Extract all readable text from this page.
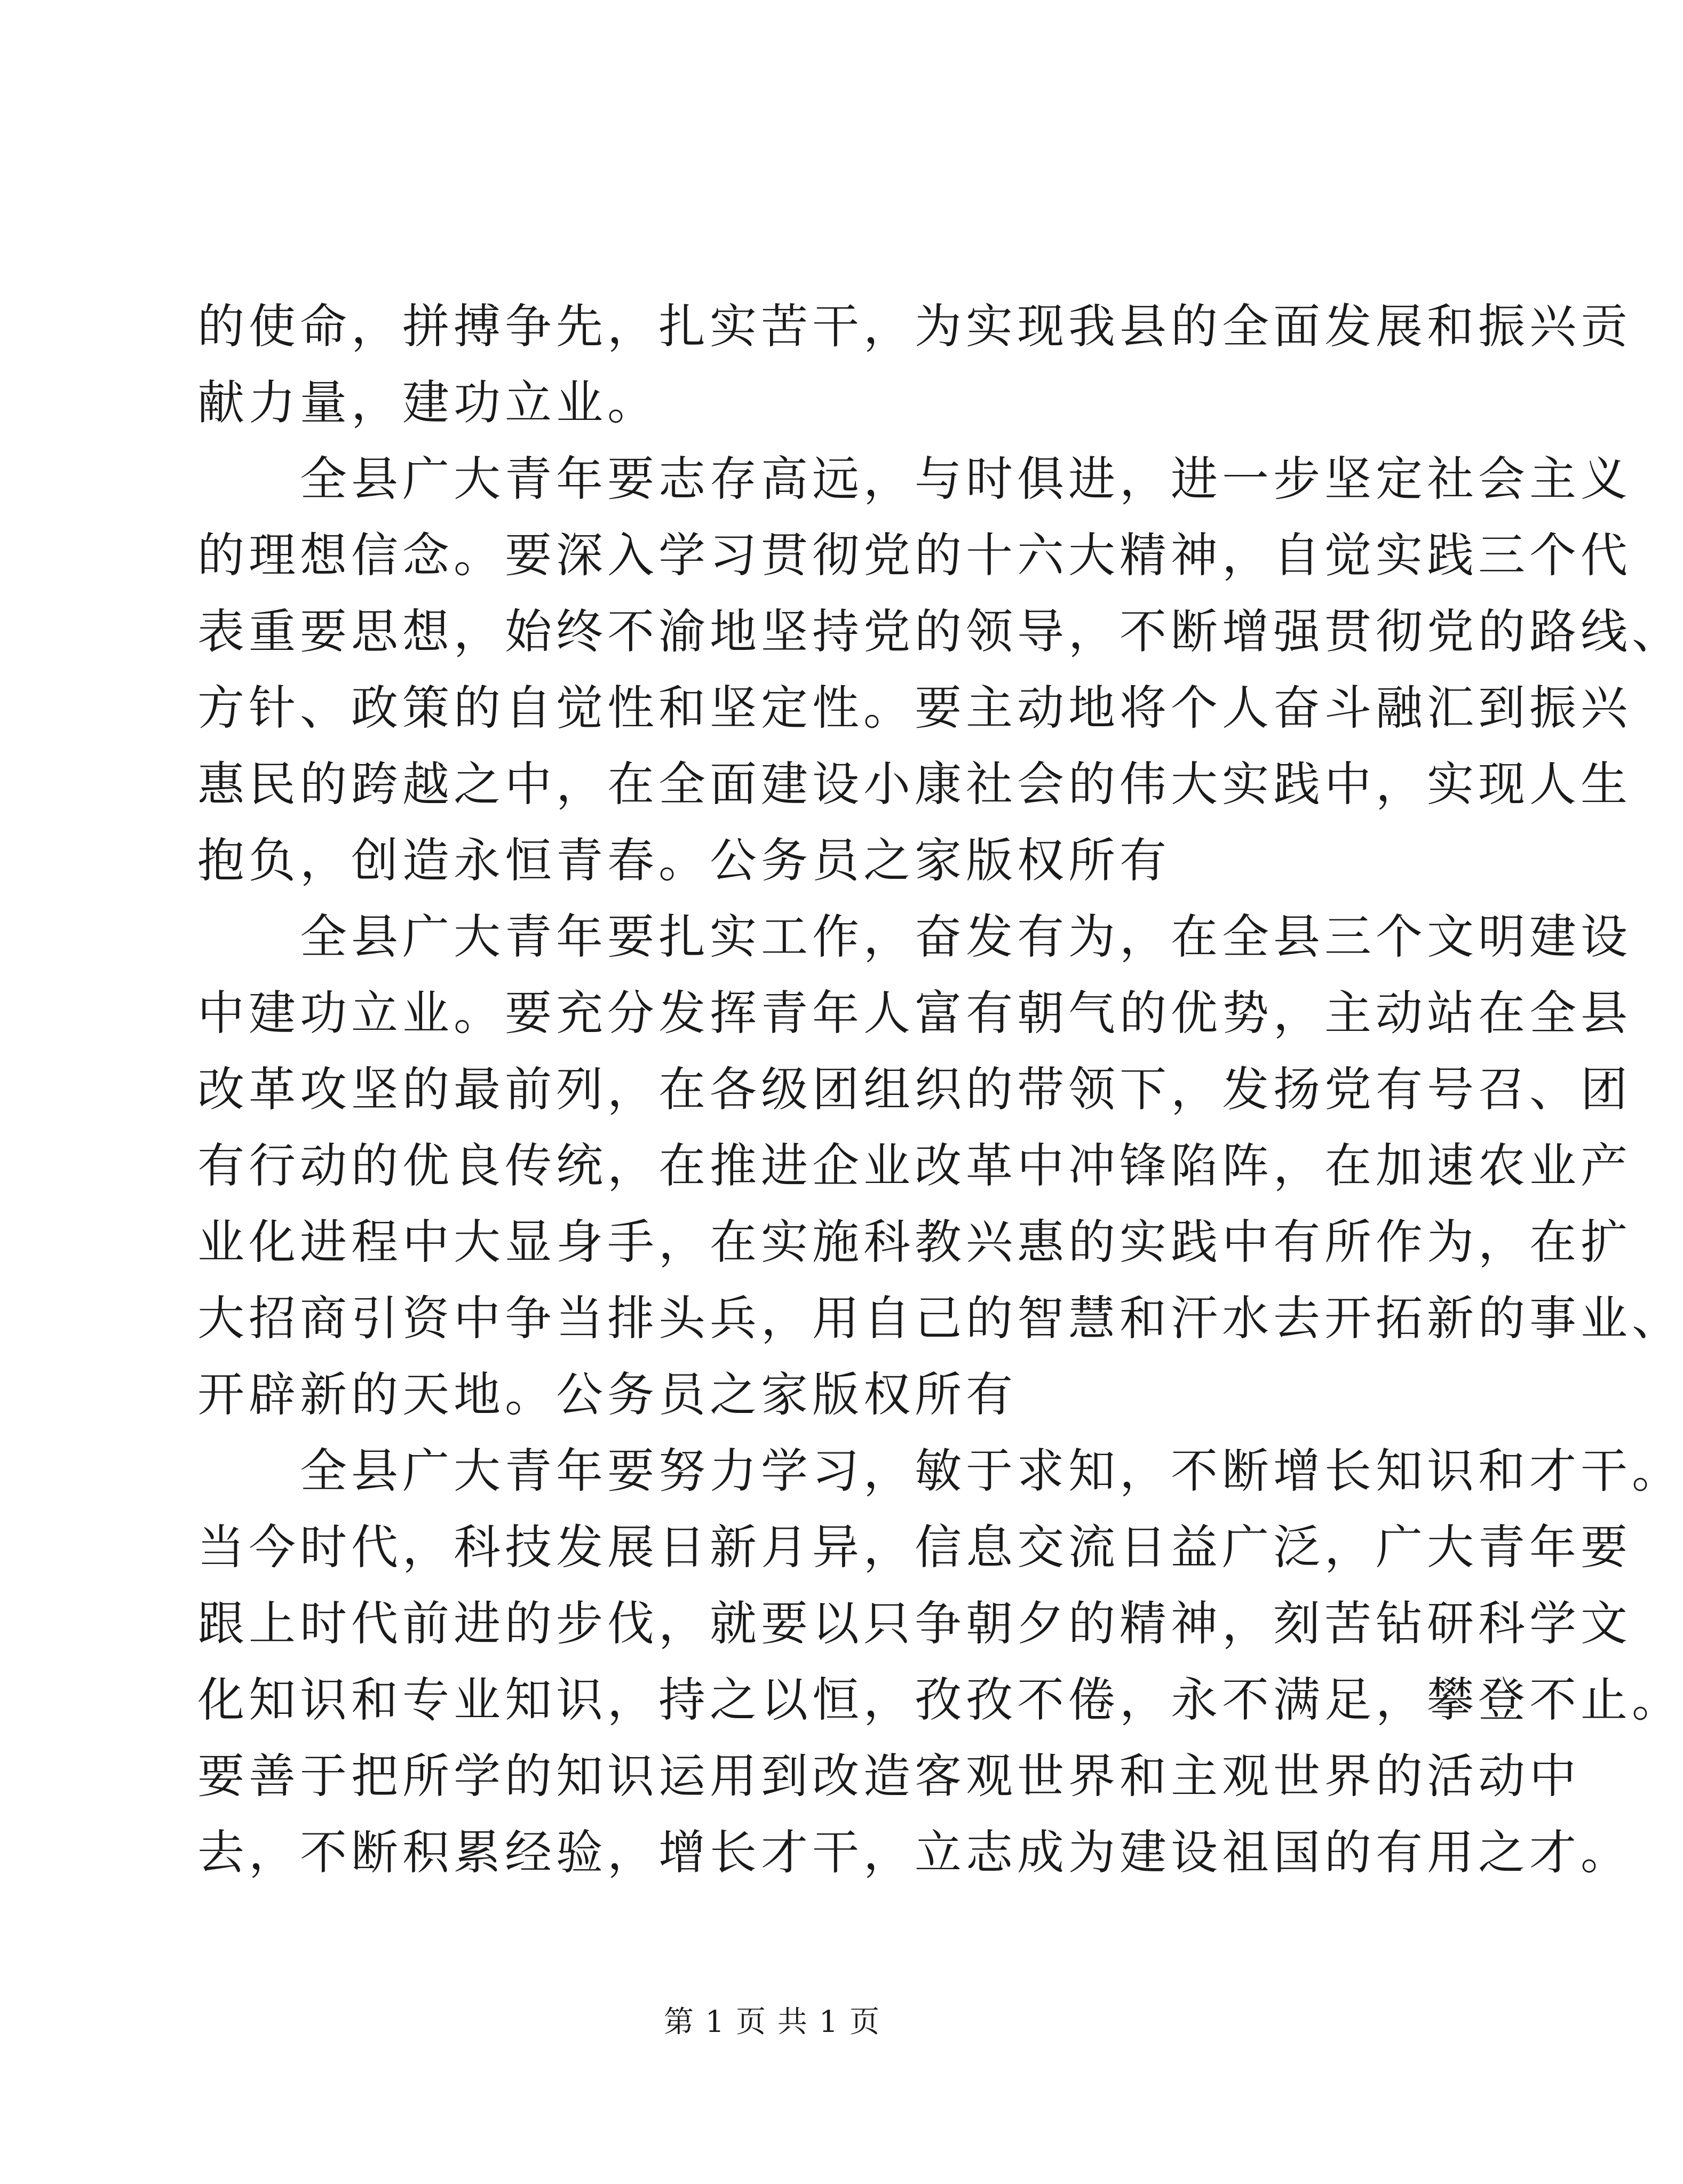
的使命，拼搏争先，扎实苦干，为实现我县的全面发展和振兴贡
献力量，建功立业。
全县广大青年要志存高远，与时俱进，进一步坚定社会主义
的理想信念。要深入学习贯彻党的十六大精神，自觉实践三个代
表重要思想，始终不渝地坚持党的领导，不断增强贯彻党的路线、
方针、政策的自觉性和坚定性。要主动地将个人奋斗融汇到振兴
惠民的跨越之中，在全面建设小康社会的伟大实践中，实现人生
抱负，创造永恒青春。公务员之家版权所有
全县广大青年要扎实工作，奋发有为，在全县三个文明建设
中建功立业。要充分发挥青年人富有朝气的优势，主动站在全县
改革攻坚的最前列，在各级团组织的带领下，发扬党有号召、团
有行动的优良传统，在推进企业改革中冲锋陷阵，在加速农业产
业化进程中大显身手，在实施科教兴惠的实践中有所作为，在扩
大招商引资中争当排头兵，用自己的智慧和汗水去开拓新的事业、
开辟新的天地。公务员之家版权所有
全县广大青年要努力学习，敏于求知，不断增长知识和才干。
当今时代，科技发展日新月异，信息交流日益广泛，广大青年要
跟上时代前进的步伐，就要以只争朝夕的精神，刻苦钻研科学文
化知识和专业知识，持之以恒，孜孜不倦，永不满足，攀登不止。
要善于把所学的知识运用到改造客观世界和主观世界的活动中
去，不断积累经验，增长才干，立志成为建设祖国的有用之才。
第 1 页 共 1 页
